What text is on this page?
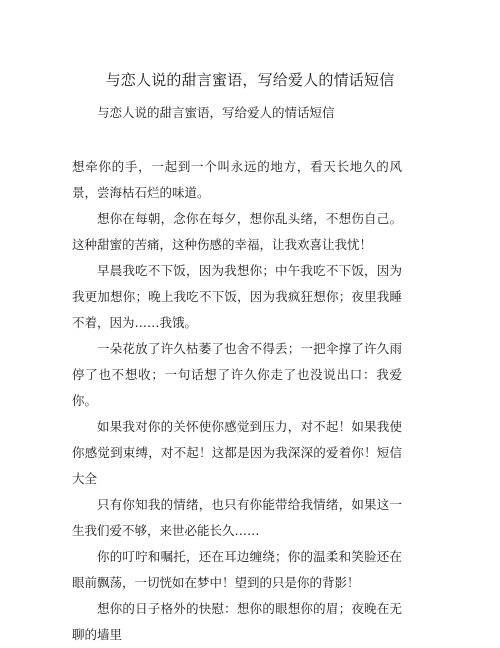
与恋人说的甜言蜜语，写给爱人的情话短信
与恋人说的甜言蜜语，写给爱人的情话短信

想牵你的手，一起到一个叫永远的地方，看天长地久的风景，尝海枯石烂的味道。

想你在每朝，念你在每夕，想你乱头绪，不想伤自己。这种甜蜜的苦痛，这种伤感的幸福，让我欢喜让我忧！

早晨我吃不下饭，因为我想你；中午我吃不下饭，因为我更加想你；晚上我吃不下饭，因为我疯狂想你；夜里我睡不着，因为……我饿。

一朵花放了许久枯萎了也舍不得丢；一把伞撑了许久雨停了也不想收；一句话想了许久你走了也没说出口：我爱你。

如果我对你的关怀使你感觉到压力，对不起！如果我使你感觉到束缚，对不起！这都是因为我深深的爱着你！短信大全

只有你知我的情绪，也只有你能带给我情绪，如果这一生我们爱不够，来世必能长久……

你的叮咛和嘱托，还在耳边缠绕；你的温柔和笑脸还在眼前飘荡，一切恍如在梦中！望到的只是你的背影！

想你的日子格外的快慰：想你的眼想你的眉；夜晚在无聊的墙里
